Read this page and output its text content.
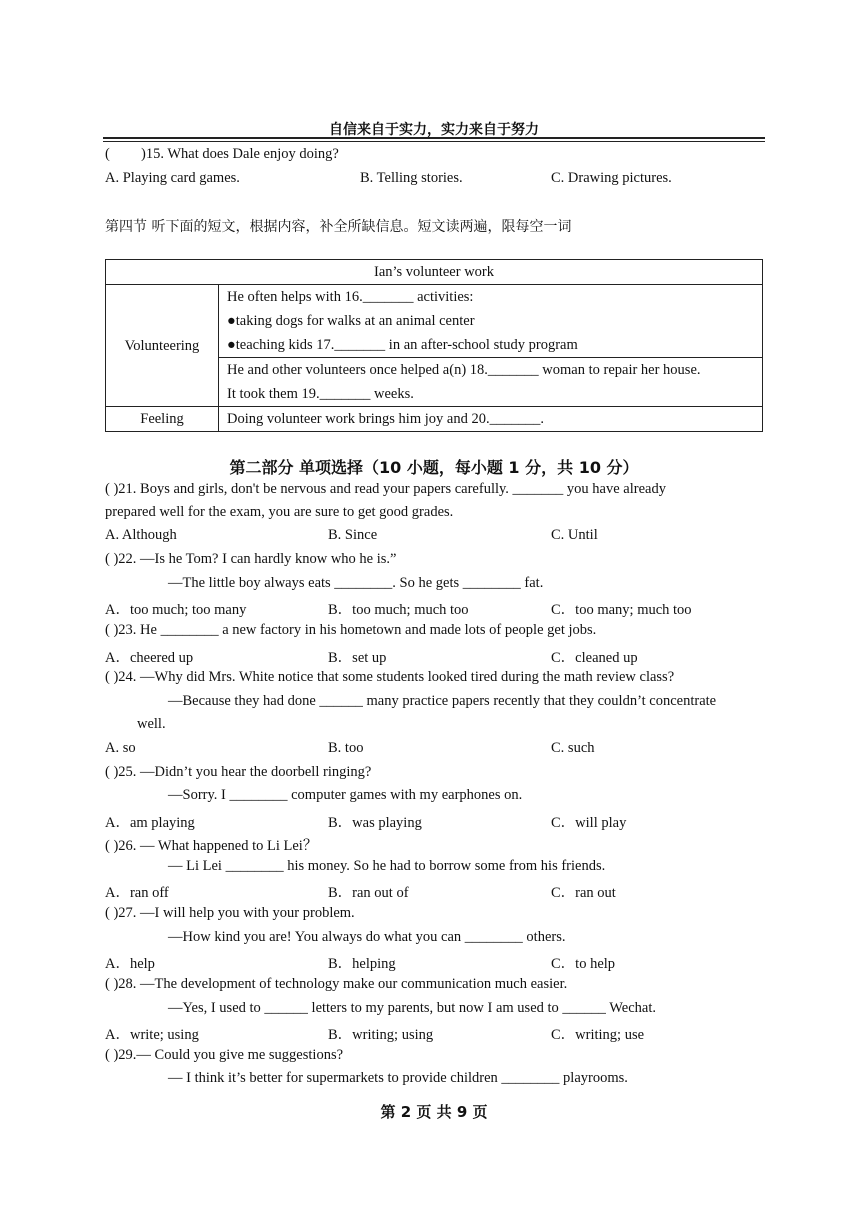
自信来自于实力，实力来自于努力
( )15. What does Dale enjoy doing?
A. Playing card games.	B. Telling stories.	C. Drawing pictures.
第四节 听下面的短文，根据内容，补全所缺信息。短文读两遍，限每空一词
Ian’s volunteer work	

Volunteering	He often helps with 16._______ activities:
●taking dogs for walks at an animal center
●teaching kids 17._______ in an after-school study program

	He and other volunteers once helped a(n) 18._______ woman to repair her house.
It took them 19._______ weeks.

Feeling	Doing volunteer work brings him joy and 20._______.
第二部分 单项选择（10 小题，每小题 1 分，共 10 分）
( )21. Boys and girls, don't be nervous and read your papers carefully. _______ you have already
prepared well for the exam, you are sure to get good grades.
A. Although	B. Since	C. Until
( )22. —Is he Tom? I can hardly know who he is.”
—The little boy always eats ________. So he gets ________ fat.
A．too much; too many	B．too much; much too	C．too many; much too
( )23. He ________ a new factory in his hometown and made lots of people get jobs.
A．cheered up	B．set up	C．cleaned up
( )24. —Why did Mrs. White notice that some students looked tired during the math review class?
—Because they had done ______ many practice papers recently that they couldn’t concentrate
well.
A. so	B. too	C. such
( )25. —Didn’t you hear the doorbell ringing?
—Sorry. I ________ computer games with my earphones on.
A．am playing	B．was playing	C．will play
( )26. — What happened to Li Lei？
— Li Lei ________ his money. So he had to borrow some from his friends.
A．ran off	B．ran out of	C．ran out
( )27. —I will help you with your problem.
—How kind you are! You always do what you can ________ others.
A．help	B．helping	C．to help
( )28. —The development of technology make our communication much easier.
—Yes, I used to ______ letters to my parents, but now I am used to ______ Wechat.
A．write; using	B．writing; using	C．writing; use
( )29.— Could you give me suggestions?
— I think it’s better for supermarkets to provide children ________ playrooms.
第 2 页 共 9 页
